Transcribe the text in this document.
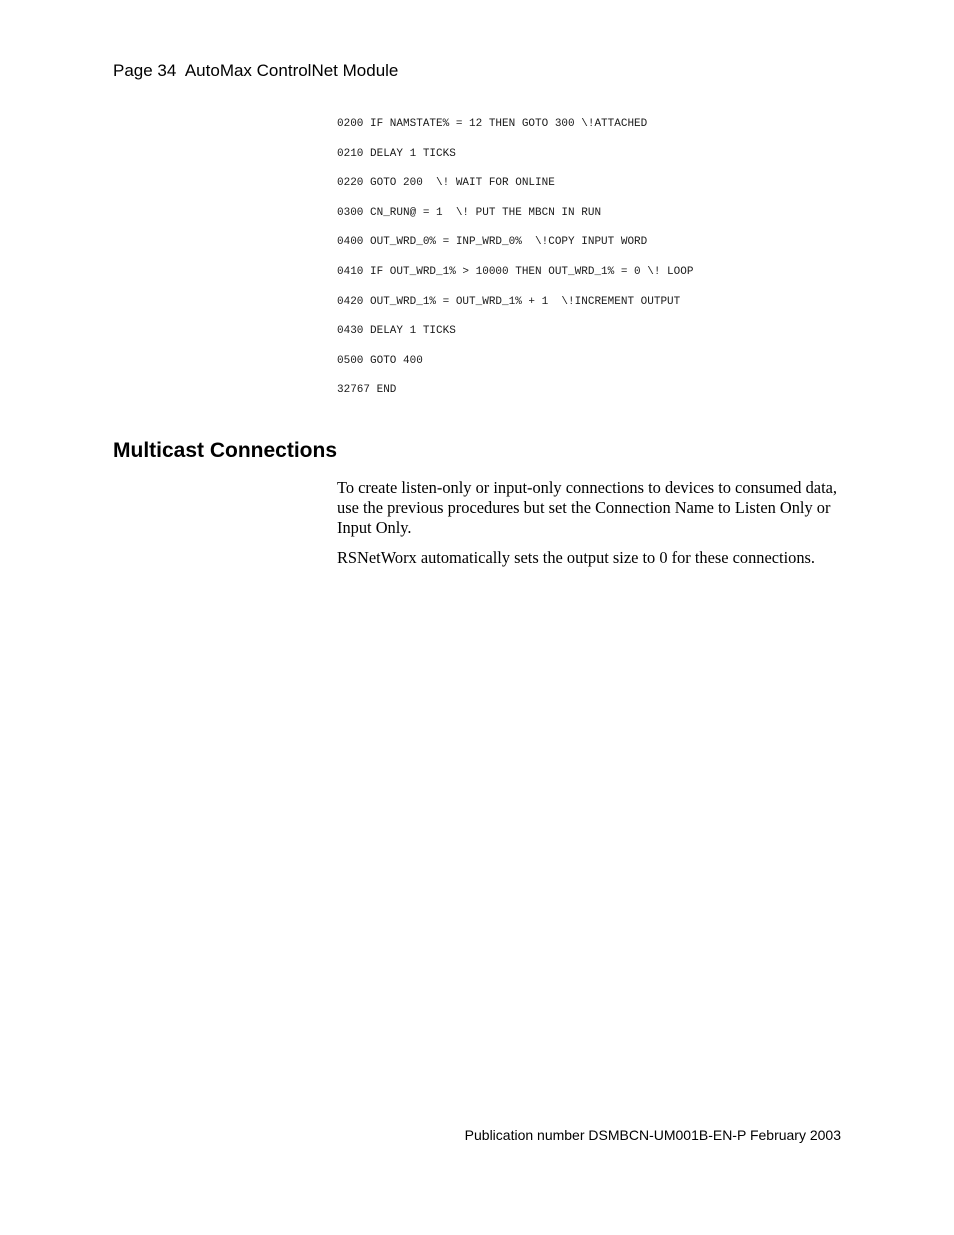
Page 34  AutoMax ControlNet Module
0200 IF NAMSTATE% = 12 THEN GOTO 300 \!ATTACHED
0210 DELAY 1 TICKS
0220 GOTO 200  \! WAIT FOR ONLINE
0300 CN_RUN@ = 1  \! PUT THE MBCN IN RUN
0400 OUT_WRD_0% = INP_WRD_0%  \!COPY INPUT WORD
0410 IF OUT_WRD_1% > 10000 THEN OUT_WRD_1% = 0 \! LOOP
0420 OUT_WRD_1% = OUT_WRD_1% + 1  \!INCREMENT OUTPUT
0430 DELAY 1 TICKS
0500 GOTO 400
32767 END
Multicast Connections

To create listen-only or input-only connections to devices to consumed data, use the previous procedures but set the Connection Name to Listen Only or Input Only.

RSNetWorx automatically sets the output size to 0 for these connections.

Publication number DSMBCN-UM001B-EN-P February 2003
